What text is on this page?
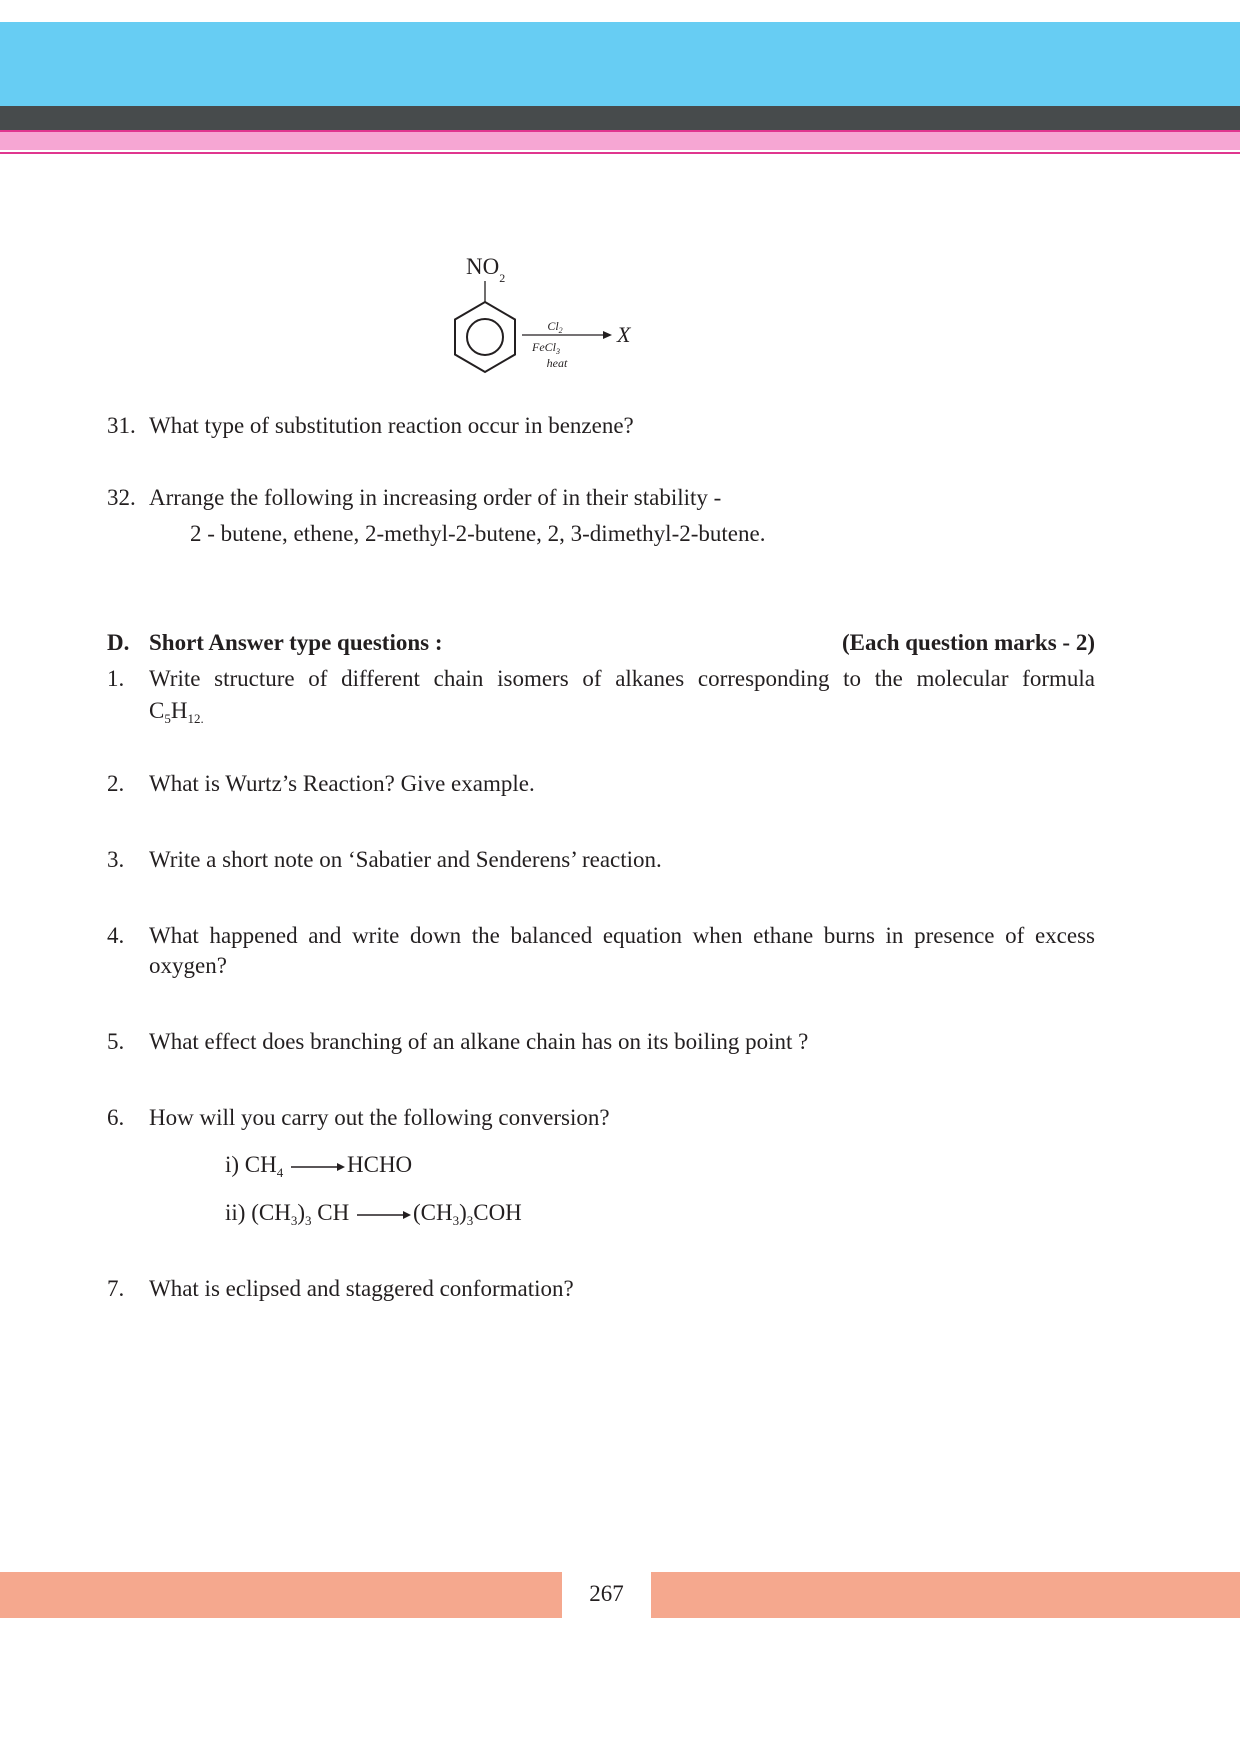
$NO_2$
$Cl_2$ X
FeCl$_3$
heat
31. What type of substitution reaction occur in benzene?
32. Arrange the following in increasing order of in their stability -
2 - butene, ethene, 2-methyl-2-butene, 2, 3-dimethyl-2-butene.
D. Short Answer type questions :	(Each question marks - 2)
1. Write structure of different chain isomers of alkanes corresponding to the molecular formula
$C_5H_{12.}$
2. What is Wurtz’s Reaction? Give example.
3. Write a short note on ‘Sabatier and Senderens’ reaction.
4. What happened and write down the balanced equation when ethane burns in presence of excess
oxygen?
5. What effect does branching of an alkane chain has on its boiling point ?
6. How will you carry out the following conversion?
i) $CH_4$	HCHO
ii) $(CH_3)_3$ CH	$(CH_3)_3COH$
7. What is eclipsed and staggered conformation?
267
